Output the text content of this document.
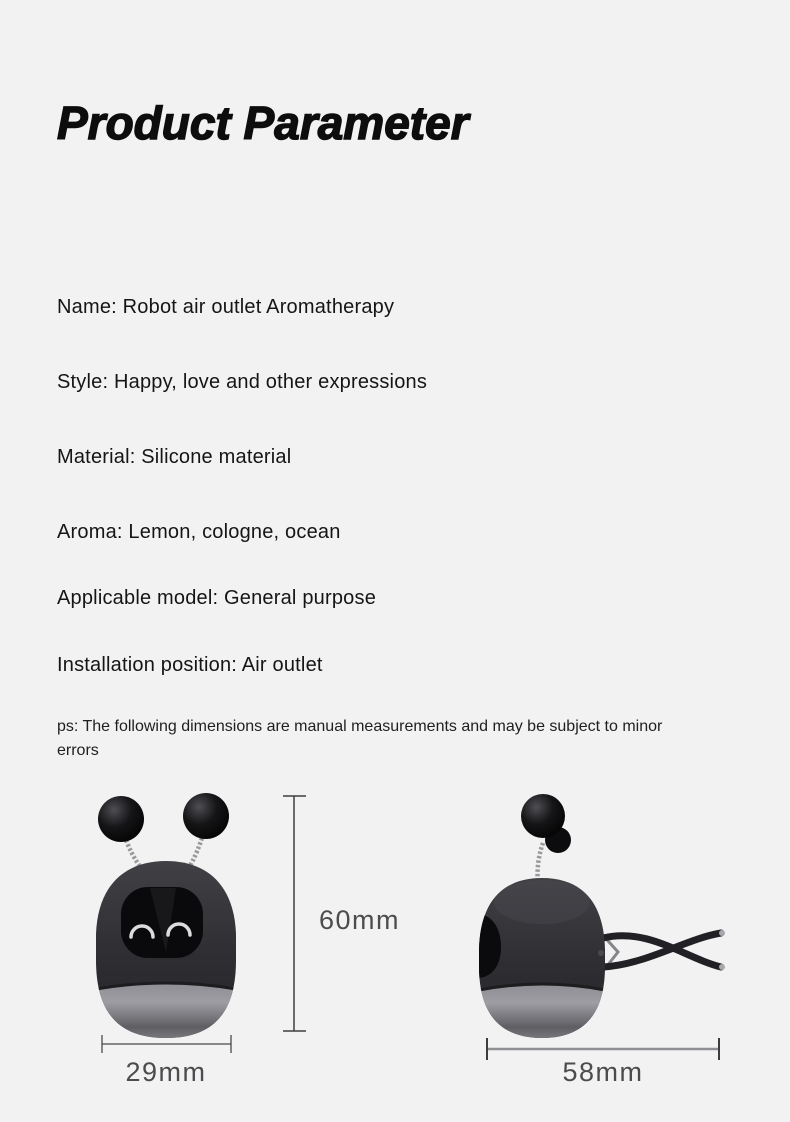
Product Parameter
Name: Robot air outlet Aromatherapy
Style: Happy, love and other expressions
Material: Silicone material
Aroma: Lemon, cologne, ocean
Applicable model: General purpose
Installation position: Air outlet
ps: The following dimensions are manual measurements and may be subject to minor errors
60mm
29mm	58mm
